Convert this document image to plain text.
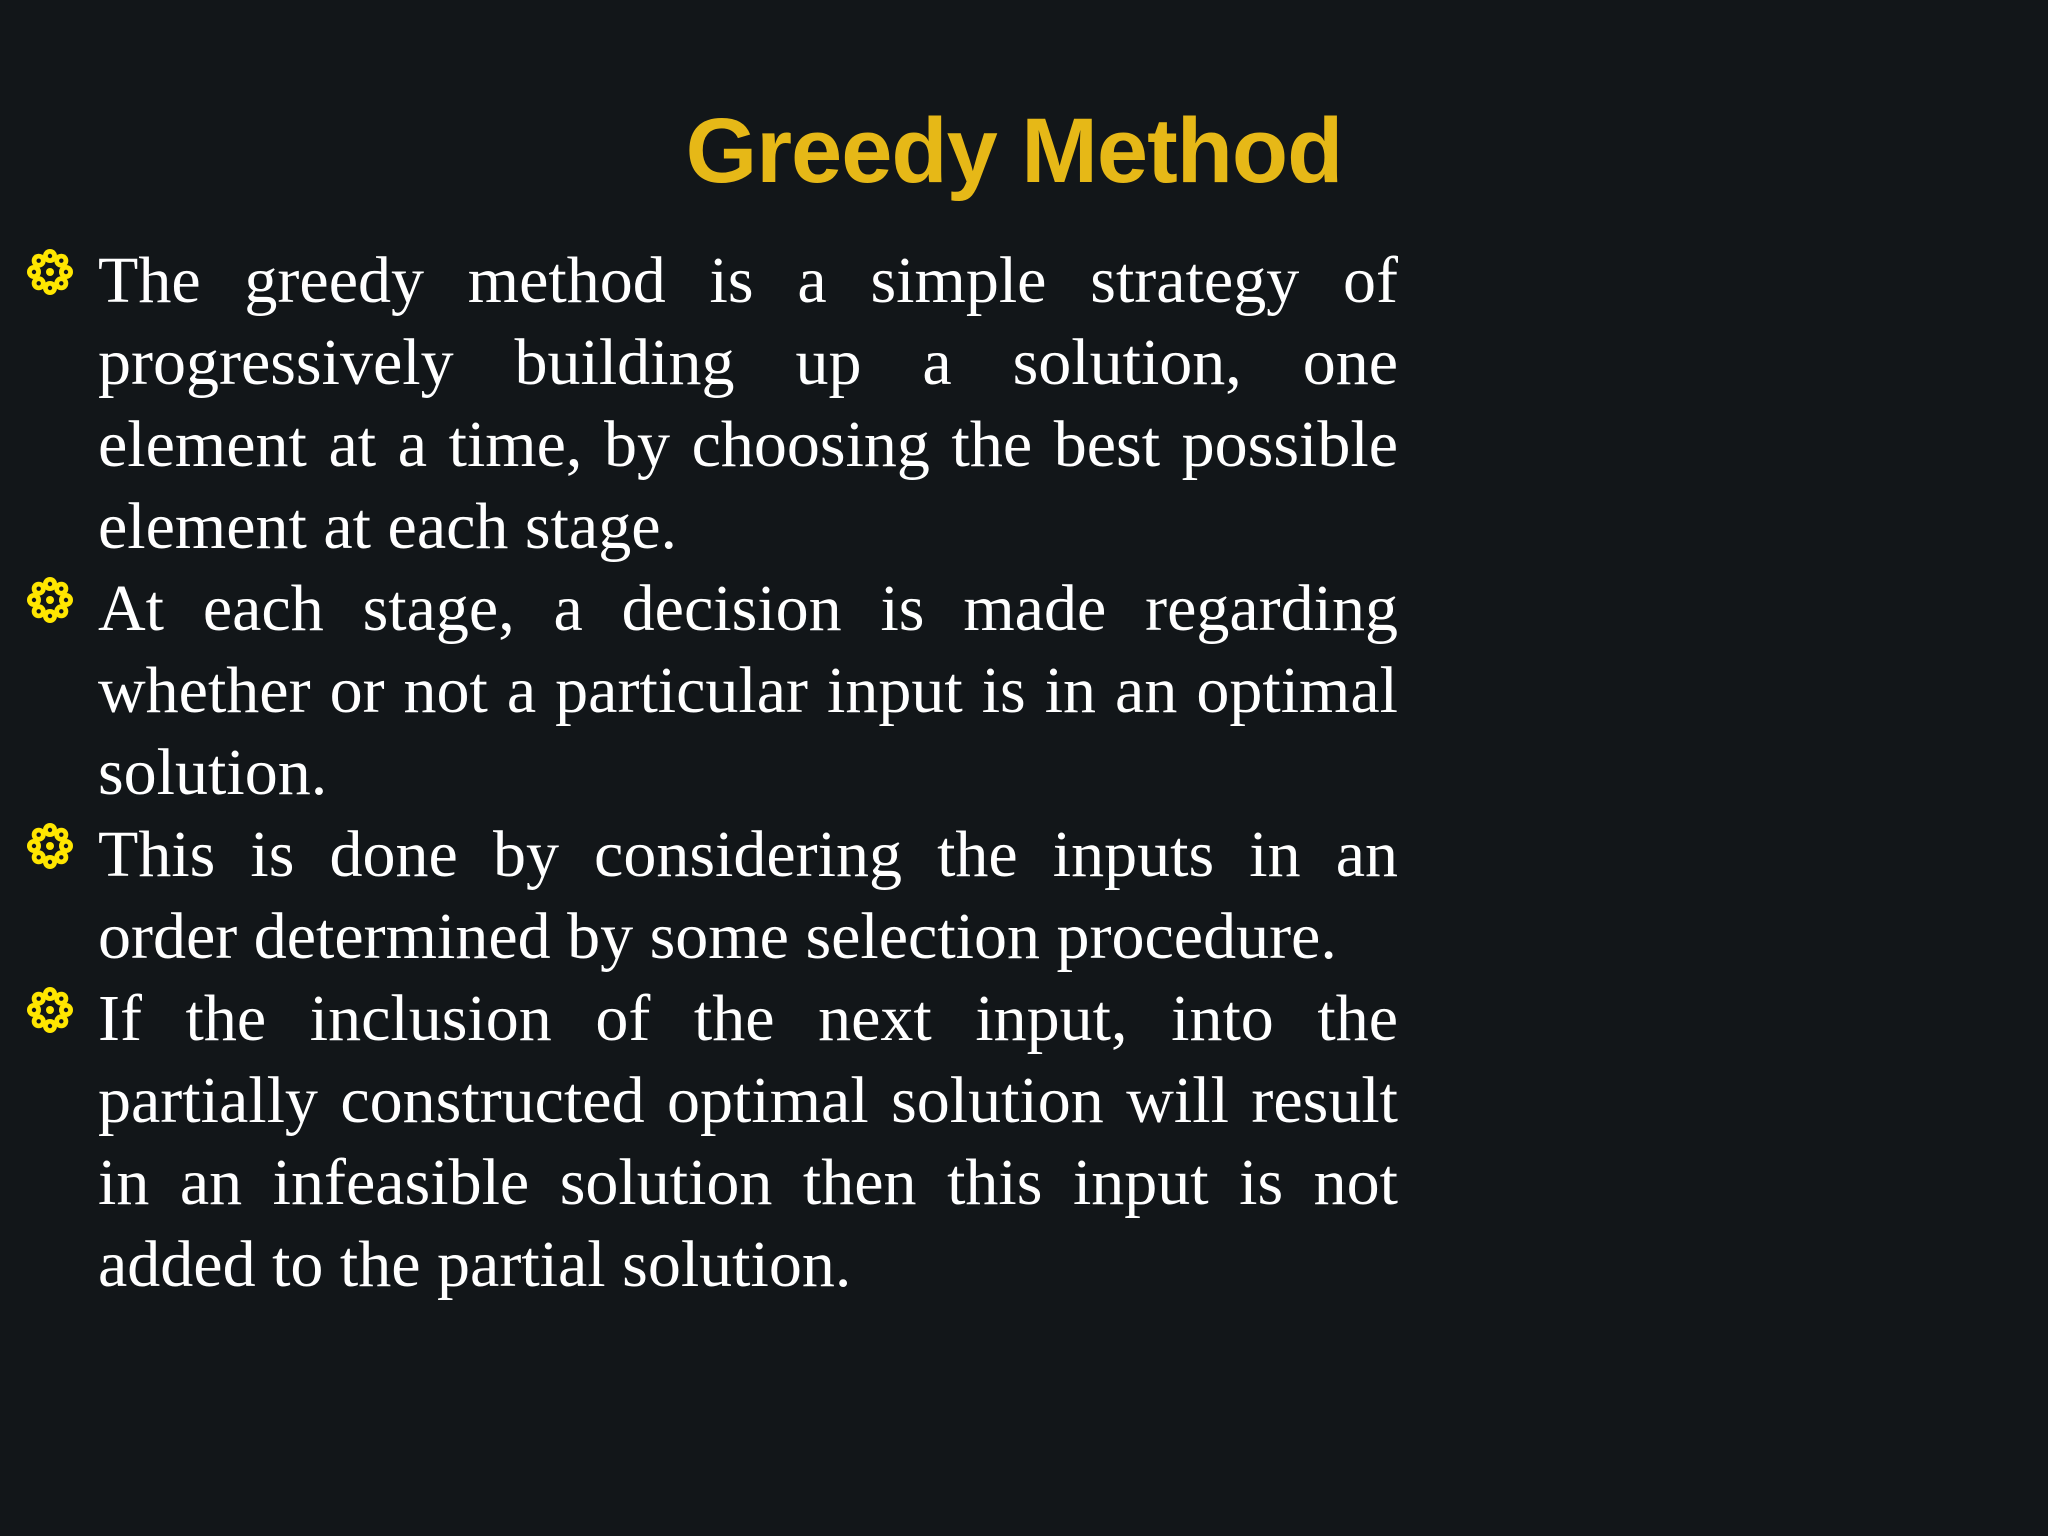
Greedy Method
The greedy method is a simple strategy of progressively building up a solution, one element at a time, by choosing the best possible element at each stage.
At each stage, a decision is made regarding whether or not a particular input is in an optimal solution.
This is done by considering the inputs in an order determined by some selection procedure.
If the inclusion of the next input, into the partially constructed optimal solution will result in an infeasible solution then this input is not added to the partial solution.
